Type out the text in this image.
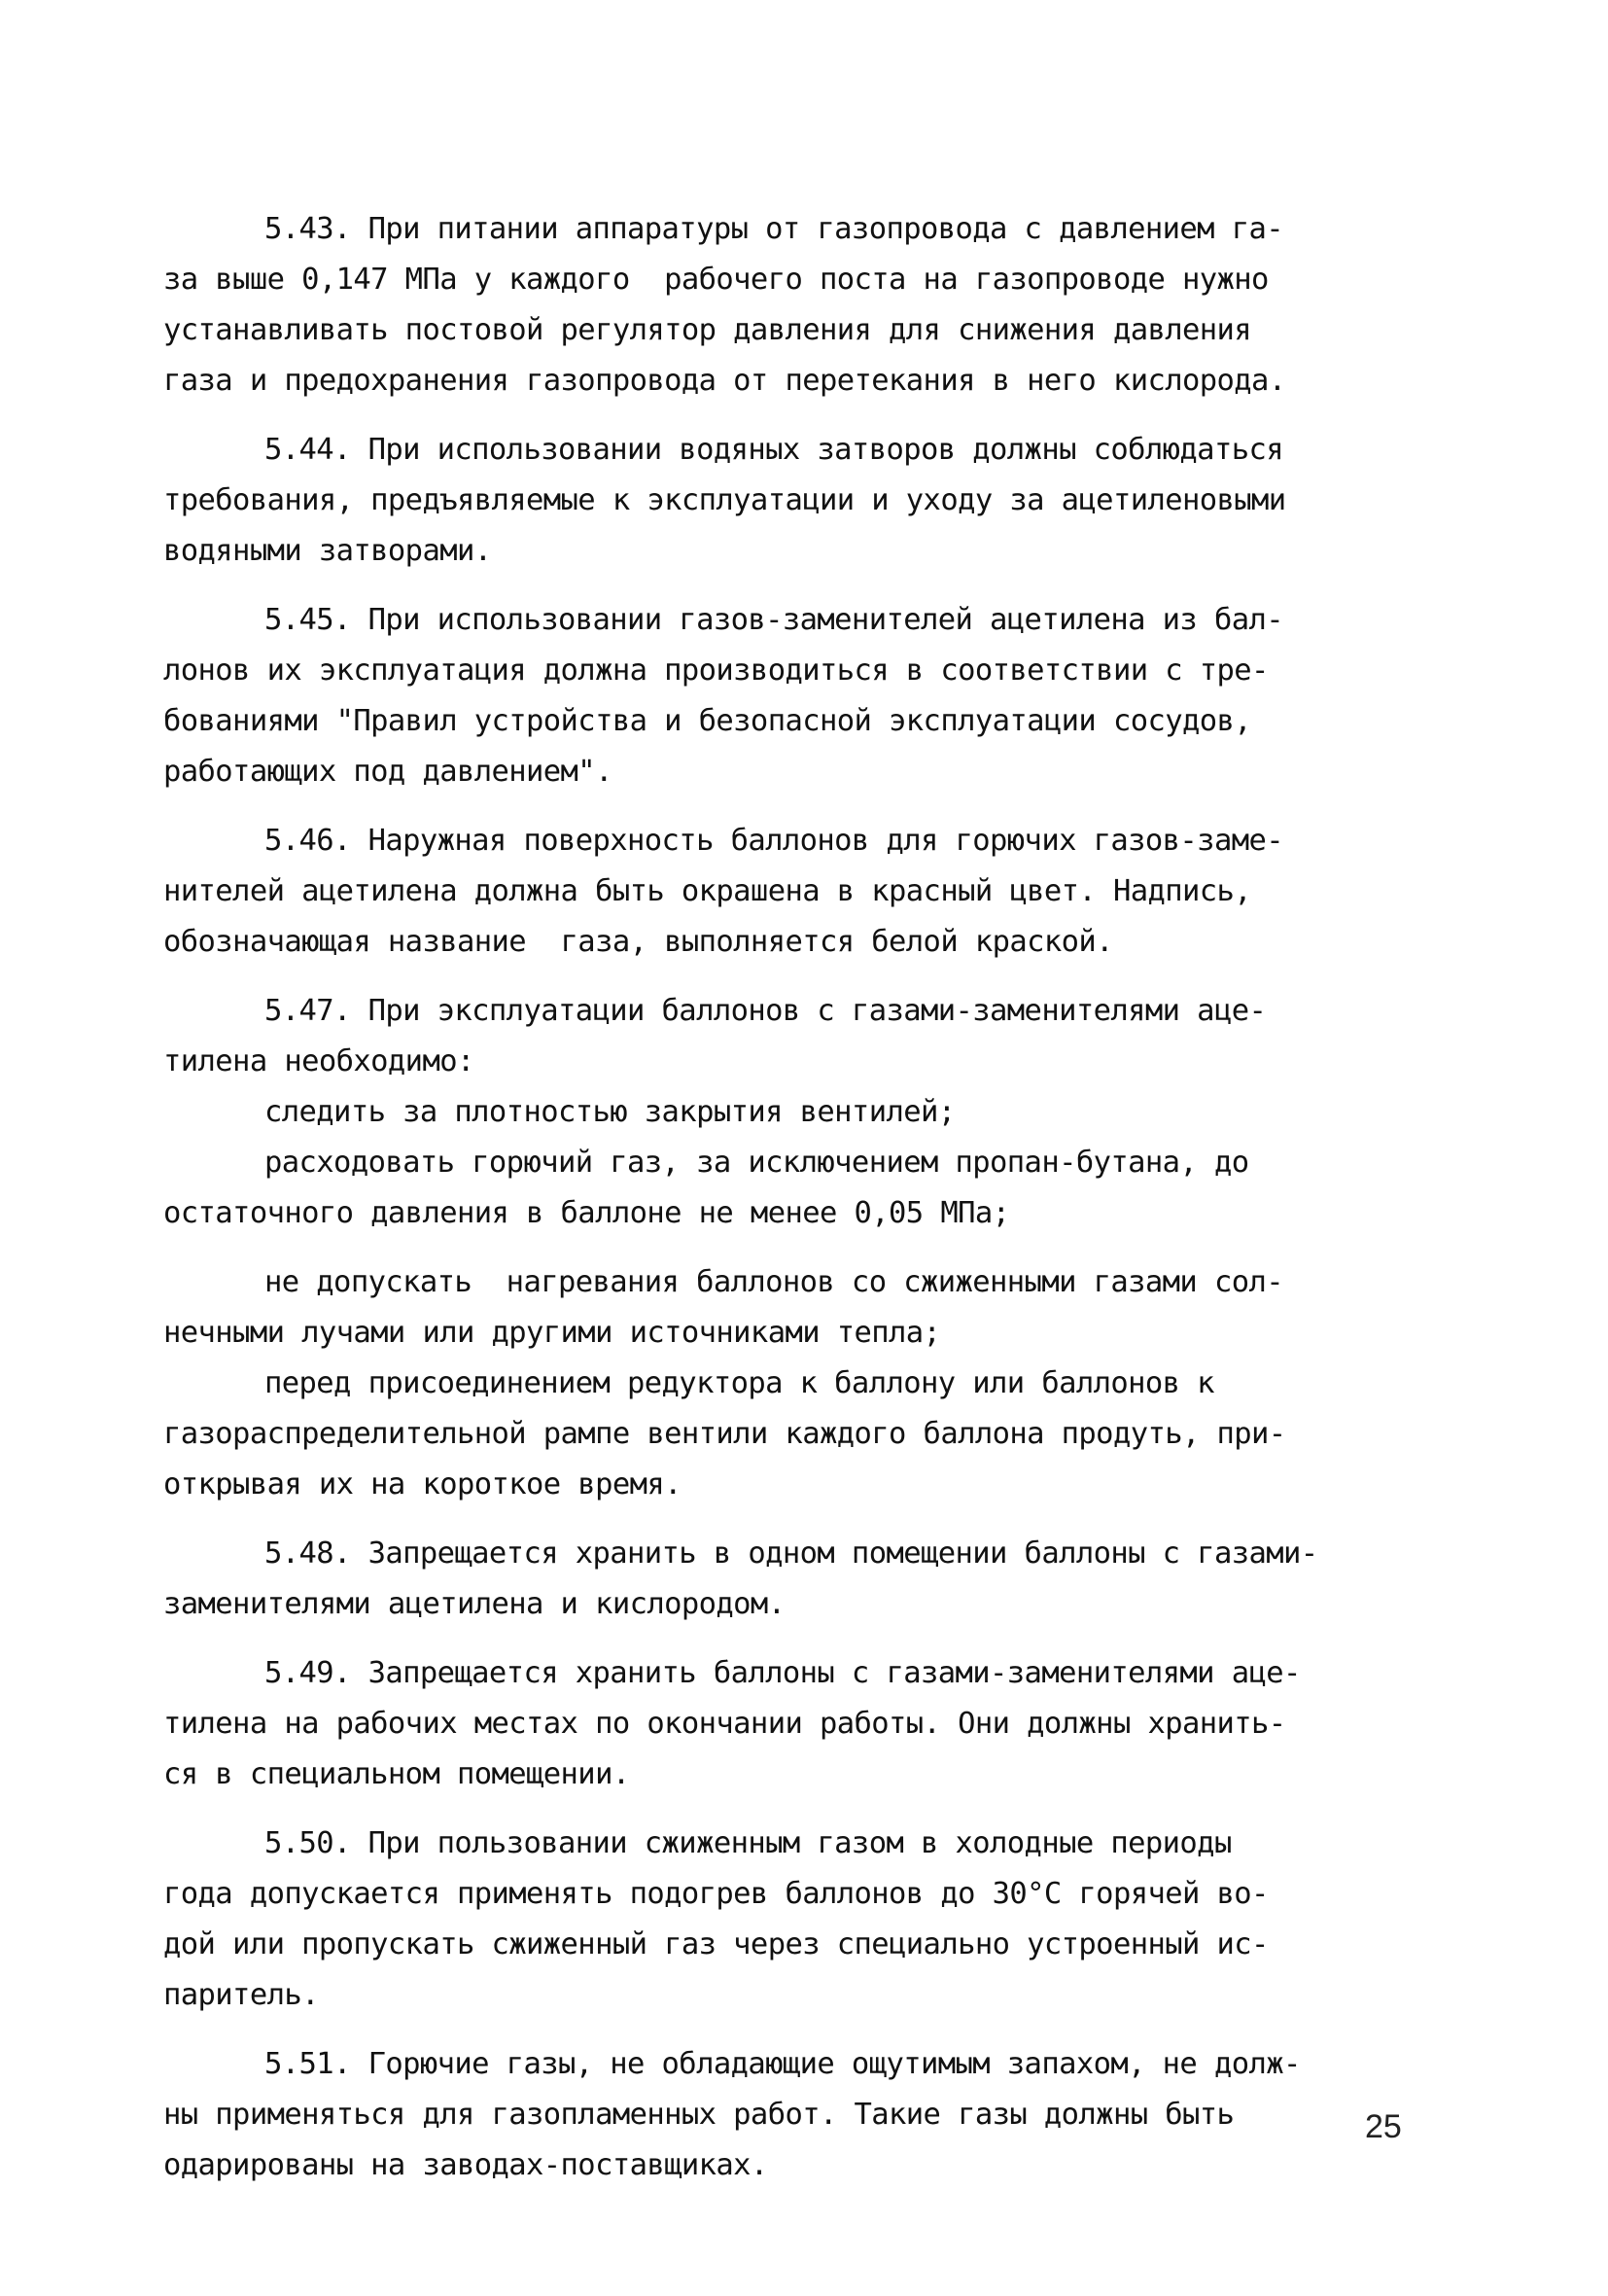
5.43. При питании аппаратуры от газопровода с давлением га-
за выше 0,147 МПа у каждого  рабочего поста на газопроводе нужно
устанавливать постовой регулятор давления для снижения давления
газа и предохранения газопровода от перетекания в него кислорода.
5.44. При использовании водяных затворов должны соблюдаться
требования, предъявляемые к эксплуатации и уходу за ацетиленовыми
водяными затворами.
5.45. При использовании газов-заменителей ацетилена из бал-
лонов их эксплуатация должна производиться в соответствии с тре-
бованиями "Правил устройства и безопасной эксплуатации сосудов,
работающих под давлением".
5.46. Наружная поверхность баллонов для горючих газов-заме-
нителей ацетилена должна быть окрашена в красный цвет. Надпись,
обозначающая название  газа, выполняется белой краской.
5.47. При эксплуатации баллонов с газами-заменителями аце-
тилена необходимо:
следить за плотностью закрытия вентилей;
расходовать горючий газ, за исключением пропан-бутана, до
остаточного давления в баллоне не менее 0,05 МПа;
не допускать  нагревания баллонов со сжиженными газами сол-
нечными лучами или другими источниками тепла;
перед присоединением редуктора к баллону или баллонов к
газораспределительной рампе вентили каждого баллона продуть, при-
открывая их на короткое время.
5.48. Запрещается хранить в одном помещении баллоны с газами-
заменителями ацетилена и кислородом.
5.49. Запрещается хранить баллоны с газами-заменителями аце-
тилена на рабочих местах по окончании работы. Они должны хранить-
ся в специальном помещении.
5.50. При пользовании сжиженным газом в холодные периоды
года допускается применять подогрев баллонов до 30°С горячей во-
дой или пропускать сжиженный газ через специально устроенный ис-
паритель.
5.51. Горючие газы, не обладающие ощутимым запахом, не долж-
ны применяться для газопламенных работ. Такие газы должны быть
одарированы на заводах-поставщиках.
25
